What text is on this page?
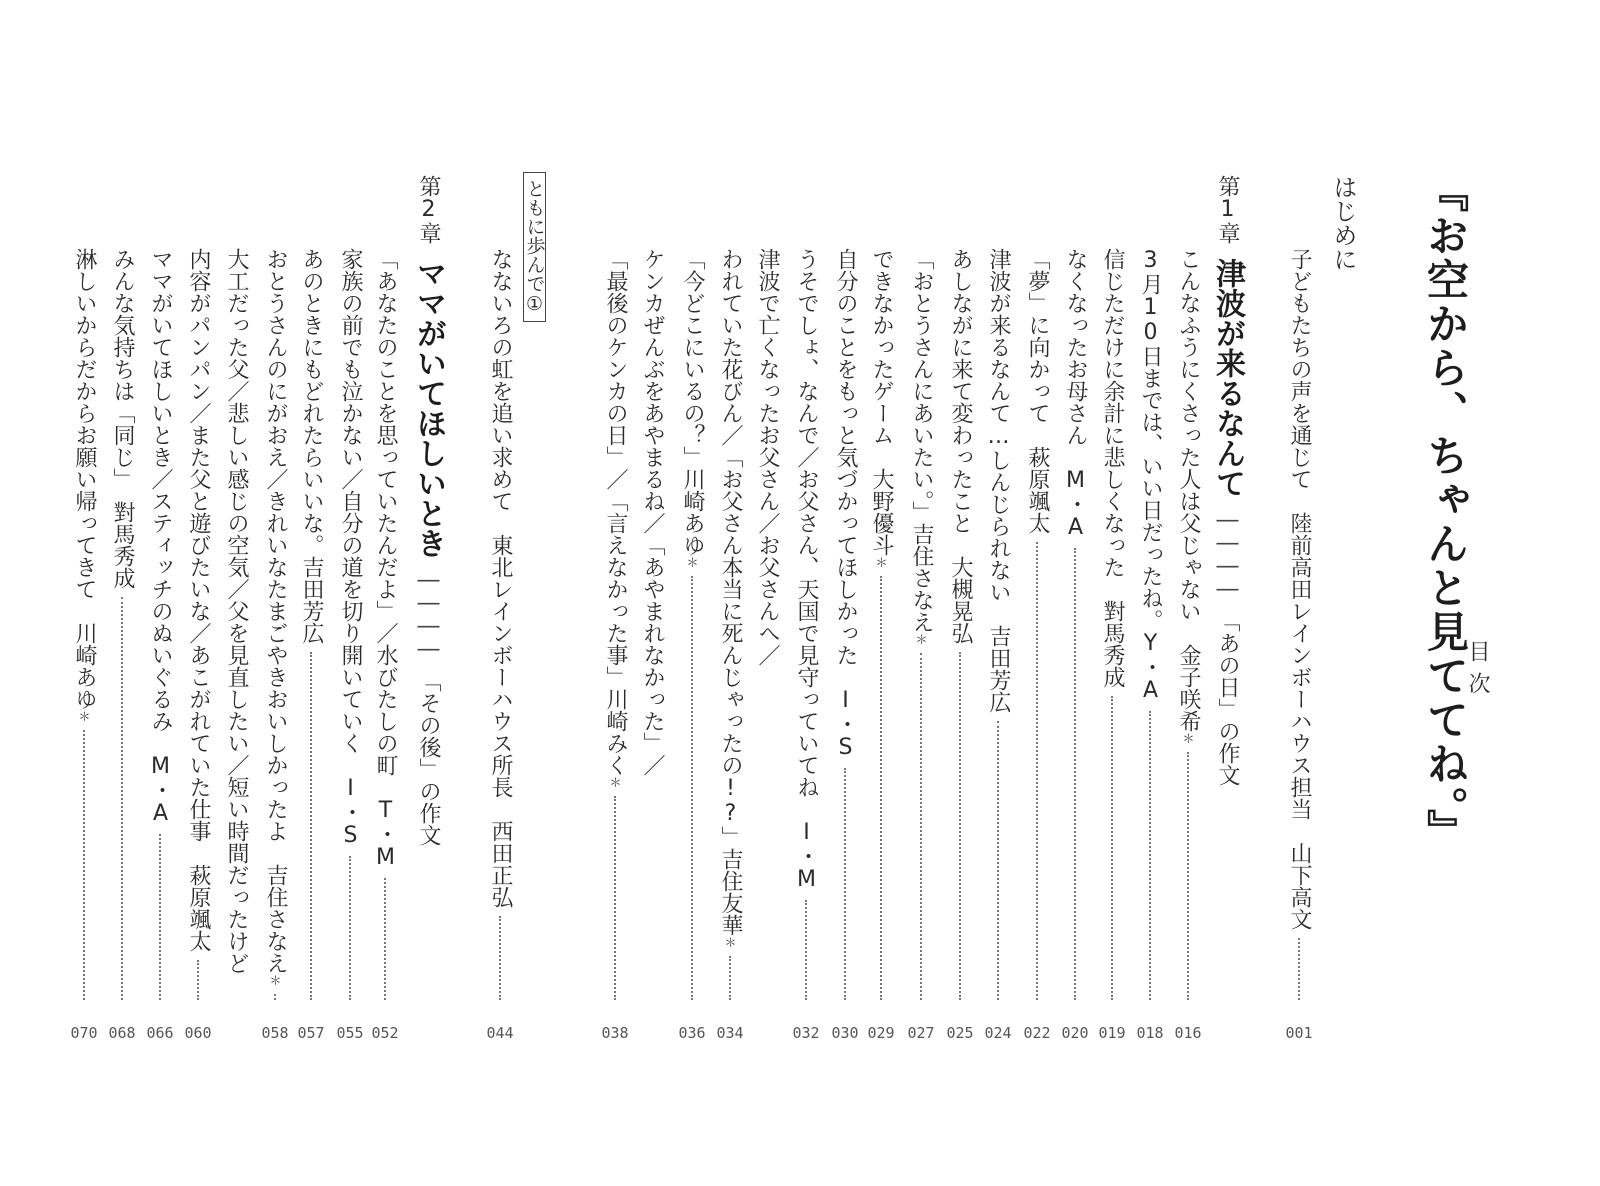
『お空から、ちゃんと見ててね。』
目次
はじめに
子どもたちの声を通じて　陸前高田レインボーハウス担当　山下高文
001
第1章津波が来るなんて――――「あの日」の作文
こんなふうにくさった人は父じゃない　金子咲希＊
016
3月10日までは、いい日だったね。Y・A
018
信じただけに余計に悲しくなった　對馬秀成
019
なくなったお母さん　M・A
020
「夢」に向かって　萩原颯太
022
津波が来るなんて…しんじられない　吉田芳広
024
あしながに来て変わったこと　大槻晃弘
025
「おとうさんにあいたい。」吉住さなえ＊
027
できなかったゲーム　大野優斗＊
029
自分のことをもっと気づかってほしかった　I・S
030
うそでしょ、なんで／お父さん、天国で見守っていてね　I・M
032
津波で亡くなったお父さん／お父さんへ／
われていた花びん／「お父さん本当に死んじゃったの!?」吉住友華＊
034
「今どこにいるの？」川崎あゆ＊
036
ケンカぜんぶをあやまるね／「あやまれなかった」／
「最後のケンカの日」／「言えなかった事」川崎みく＊
038
ともに歩んで①
なないろの虹を追い求めて　東北レインボーハウス所長　西田正弘
044
第2章ママがいてほしいとき――――「その後」の作文
「あなたのことを思っていたんだよ」／水びたしの町　T・M
052
家族の前でも泣かない／自分の道を切り開いていく　I・S
055
あのときにもどれたらいいな。吉田芳広
057
おとうさんのにがおえ／きれいなたまごやきおいしかったよ　吉住さなえ＊
058
大工だった父／悲しい感じの空気／父を見直したい／短い時間だったけど
内容がパンパン／また父と遊びたいな／あこがれていた仕事　萩原颯太
060
ママがいてほしいとき／スティッチのぬいぐるみ　M・A
066
みんな気持ちは「同じ」　對馬秀成
068
淋しいからだからお願い帰ってきて　川崎あゆ＊
070
